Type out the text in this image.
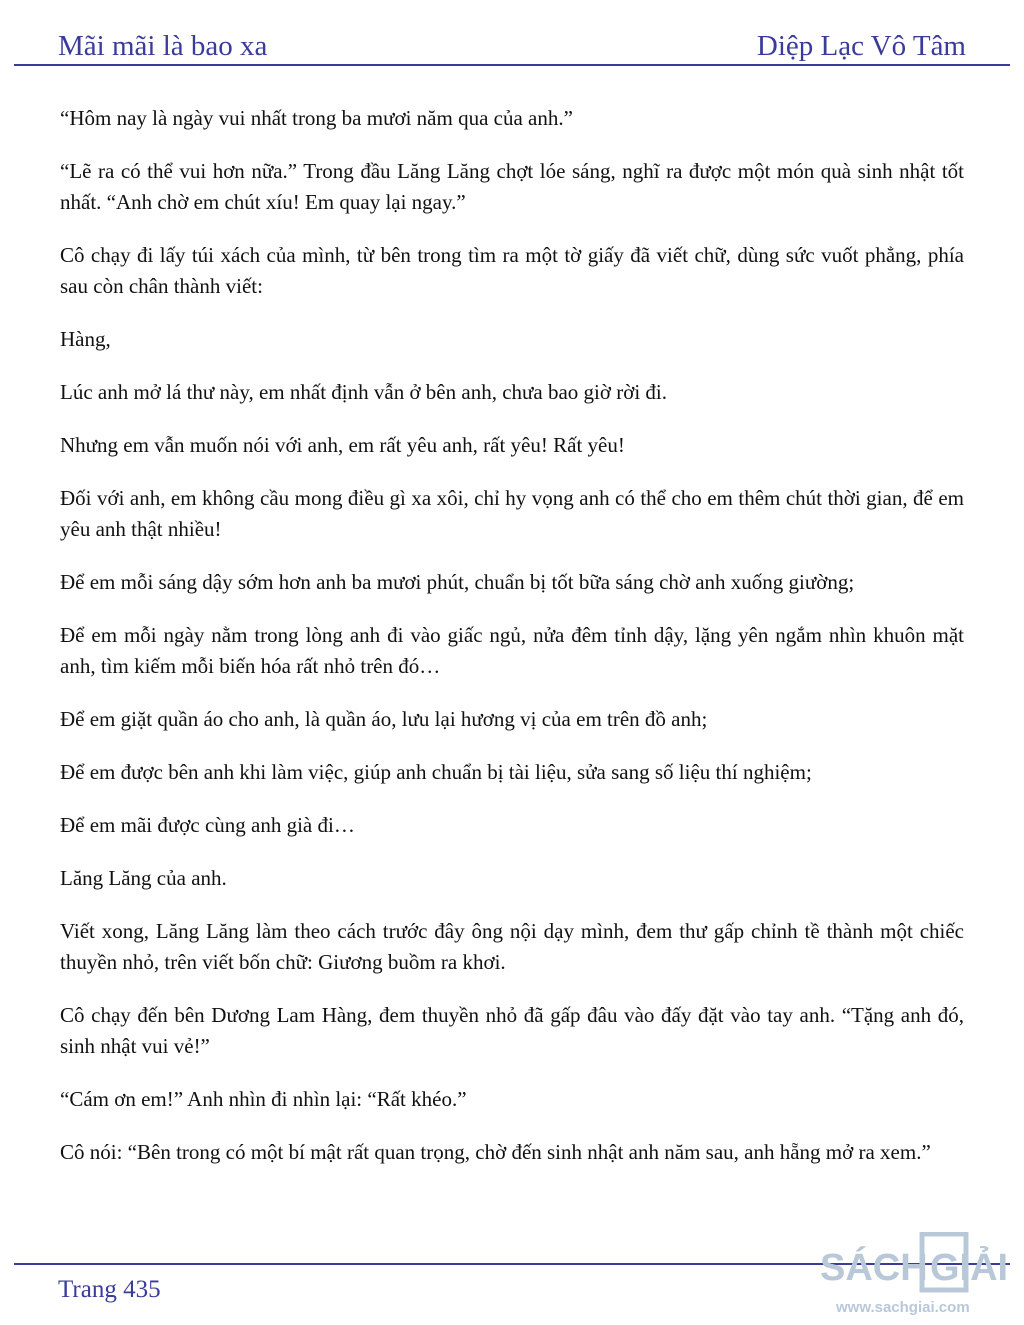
Mãi mãi là bao xa	Diệp Lạc Vô Tâm

“Hôm nay là ngày vui nhất trong ba mươi năm qua của anh.”

“Lẽ ra có thể vui hơn nữa.” Trong đầu Lăng Lăng chợt lóe sáng, nghĩ ra được một món quà sinh nhật tốt nhất. “Anh chờ em chút xíu! Em quay lại ngay.”

Cô chạy đi lấy túi xách của mình, từ bên trong tìm ra một tờ giấy đã viết chữ, dùng sức vuốt phẳng, phía sau còn chân thành viết:

Hàng,

Lúc anh mở lá thư này, em nhất định vẫn ở bên anh, chưa bao giờ rời đi.

Nhưng em vẫn muốn nói với anh, em rất yêu anh, rất yêu! Rất yêu!

Đối với anh, em không cầu mong điều gì xa xôi, chỉ hy vọng anh có thể cho em thêm chút thời gian, để em yêu anh thật nhiều!

Để em mỗi sáng dậy sớm hơn anh ba mươi phút, chuẩn bị tốt bữa sáng chờ anh xuống giường;

Để em mỗi ngày nằm trong lòng anh đi vào giấc ngủ, nửa đêm tỉnh dậy, lặng yên ngắm nhìn khuôn mặt anh, tìm kiếm mỗi biến hóa rất nhỏ trên đó…

Để em giặt quần áo cho anh, là quần áo, lưu lại hương vị của em trên đồ anh;

Để em được bên anh khi làm việc, giúp anh chuẩn bị tài liệu, sửa sang số liệu thí nghiệm;

Để em mãi được cùng anh già đi…

Lăng Lăng của anh.

Viết xong, Lăng Lăng làm theo cách trước đây ông nội dạy mình, đem thư gấp chỉnh tề thành một chiếc thuyền nhỏ, trên viết bốn chữ: Giương buồm ra khơi.

Cô chạy đến bên Dương Lam Hàng, đem thuyền nhỏ đã gấp đâu vào đấy đặt vào tay anh. “Tặng anh đó, sinh nhật vui vẻ!”

“Cám ơn em!” Anh nhìn đi nhìn lại: “Rất khéo.”

Cô nói: “Bên trong có một bí mật rất quan trọng, chờ đến sinh nhật anh năm sau, anh hẵng mở ra xem.”

Trang 435
SÁCH GIẢI
www.sachgiai.com
